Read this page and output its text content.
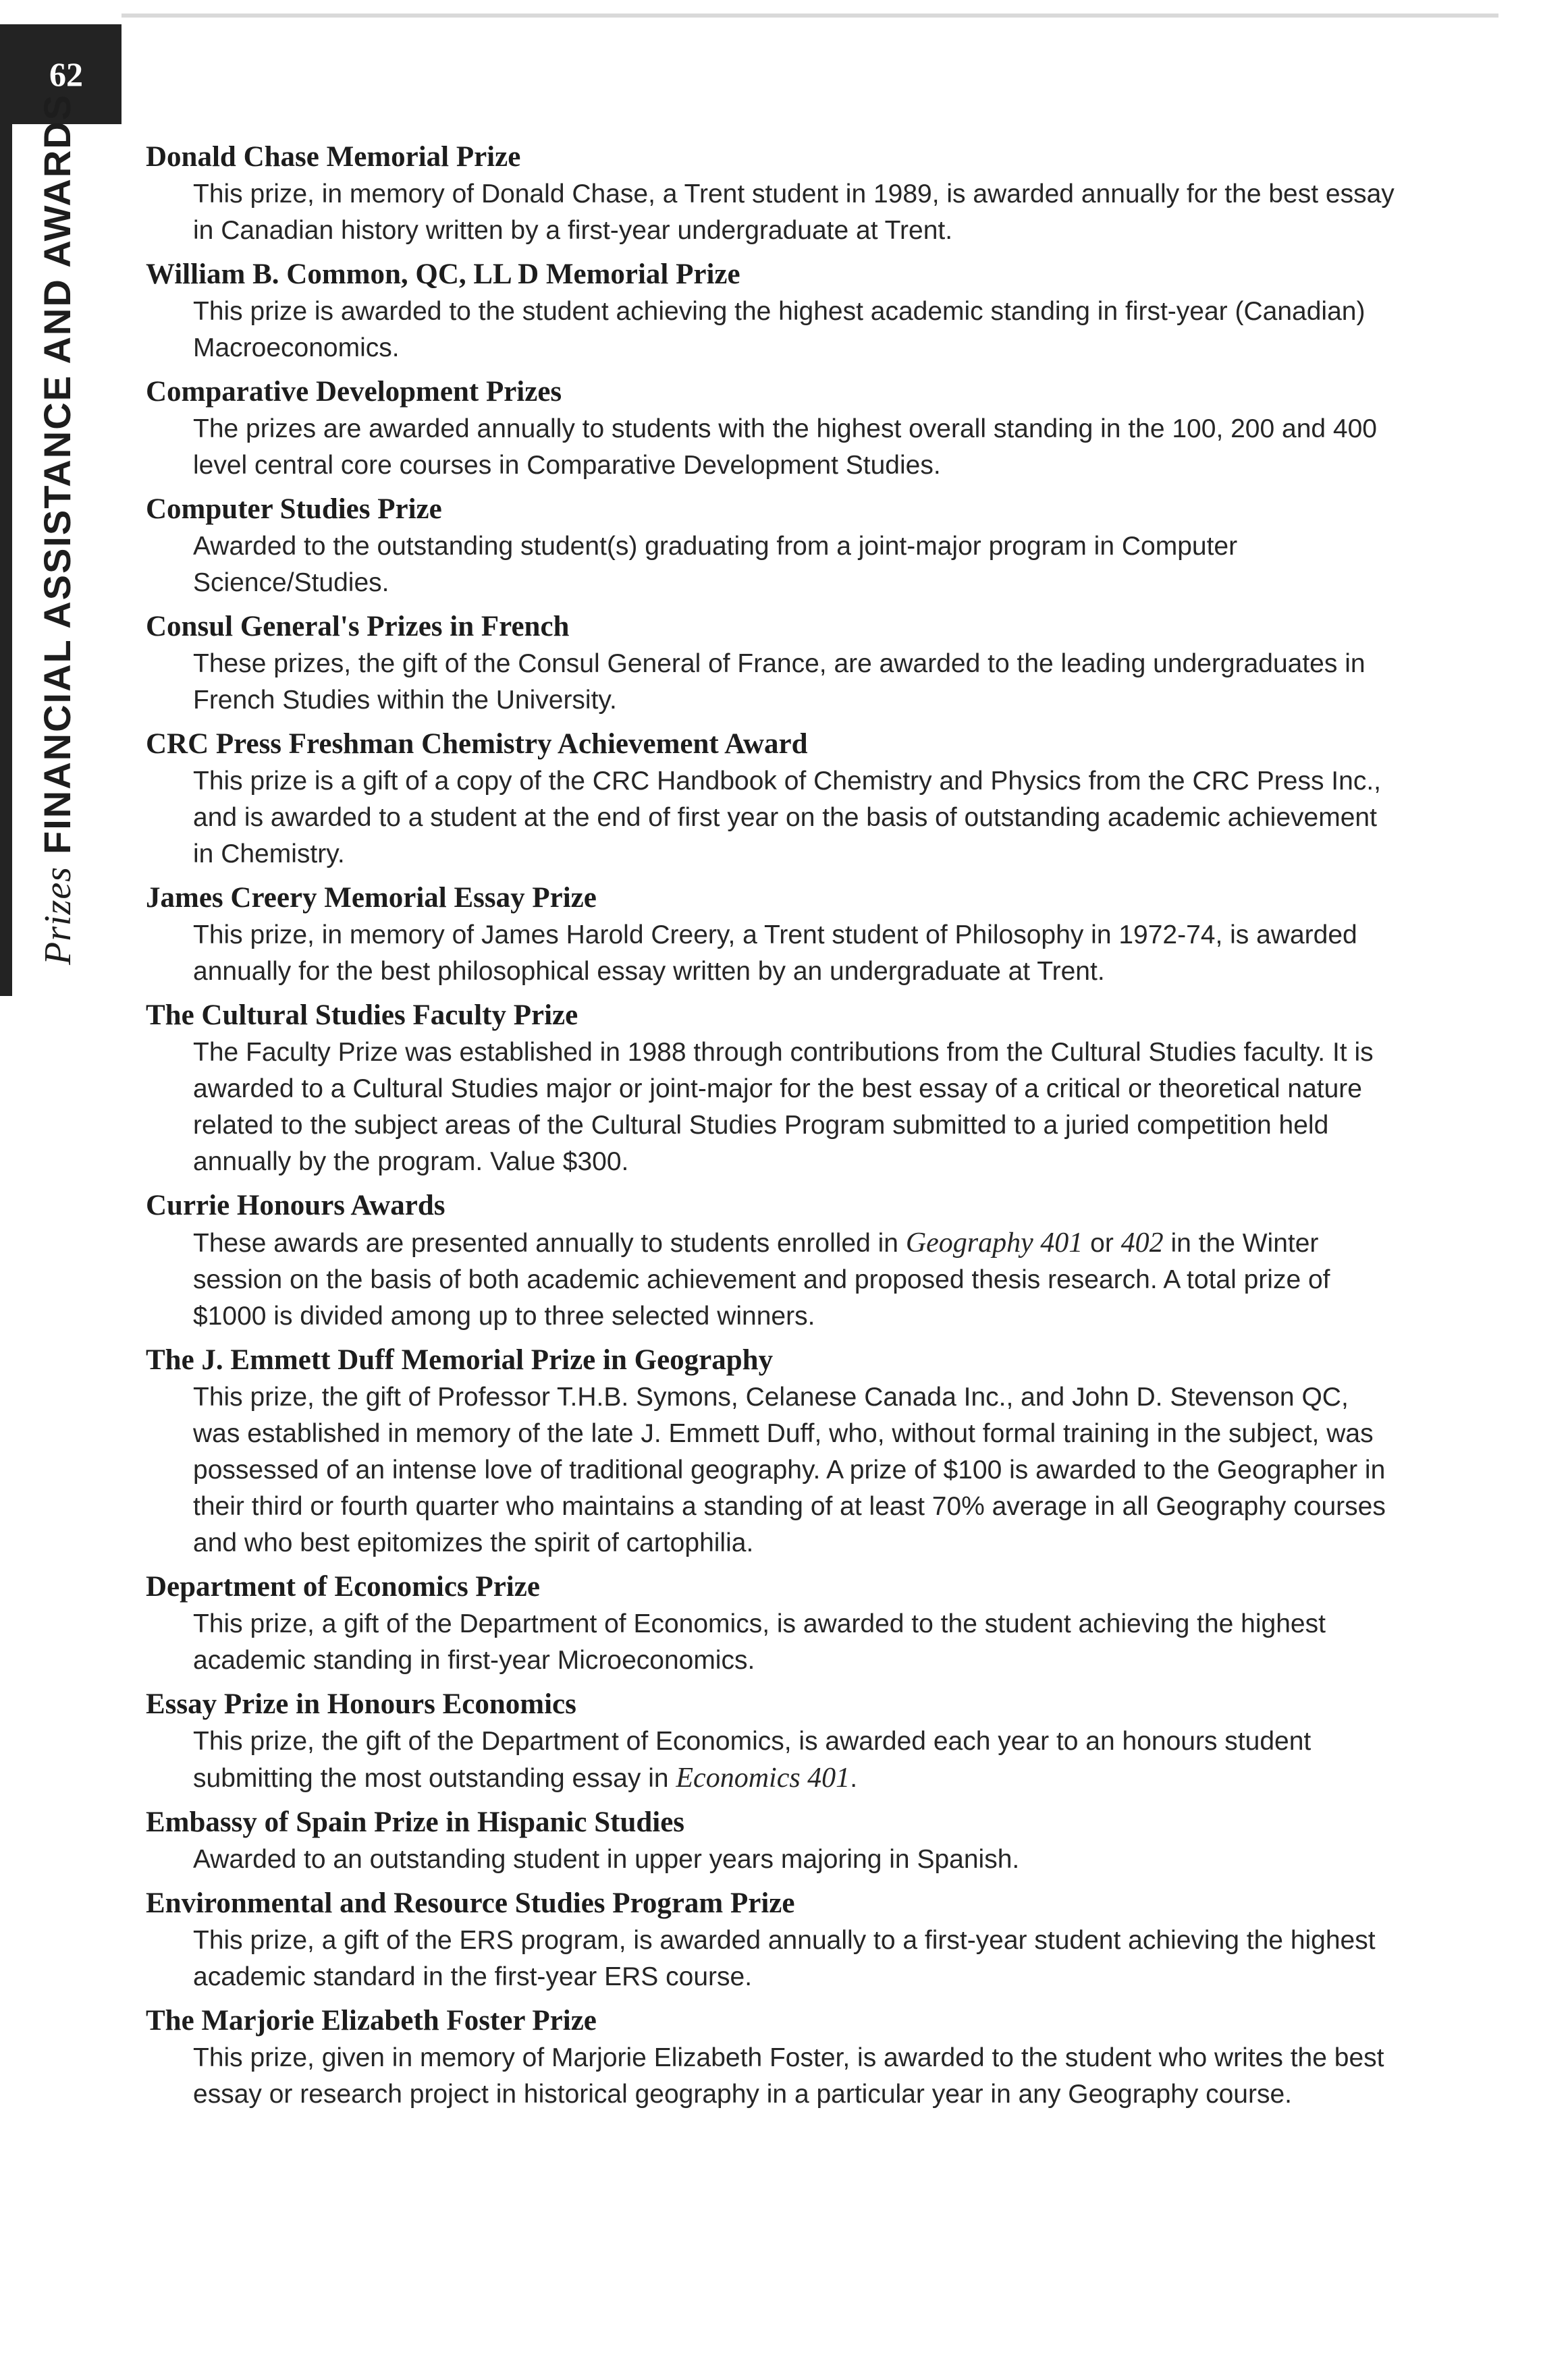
62
PrizesFINANCIAL ASSISTANCE AND AWARDS Donald Chase Memorial Prize

This prize, in memory of Donald Chase, a Trent student in 1989, is awarded annually for the best essay in Canadian history written by a first-year undergraduate at Trent.

William B. Common, QC, LL D Memorial Prize

This prize is awarded to the student achieving the highest academic standing in first-year (Canadian) Macroeconomics.

Comparative Development Prizes

The prizes are awarded annually to students with the highest overall standing in the 100, 200 and 400 level central core courses in Comparative Development Studies.

Computer Studies Prize

Awarded to the outstanding student(s) graduating from a joint-major program in Computer Science/Studies.

Consul General's Prizes in French

These prizes, the gift of the Consul General of France, are awarded to the leading undergraduates in French Studies within the University.

CRC Press Freshman Chemistry Achievement Award

This prize is a gift of a copy of the CRC Handbook of Chemistry and Physics from the CRC Press Inc., and is awarded to a student at the end of first year on the basis of outstanding academic achievement in Chemistry.

James Creery Memorial Essay Prize

This prize, in memory of James Harold Creery, a Trent student of Philosophy in 1972-74, is awarded annually for the best philosophical essay written by an undergraduate at Trent.

The Cultural Studies Faculty Prize

The Faculty Prize was established in 1988 through contributions from the Cultural Studies faculty. It is awarded to a Cultural Studies major or joint-major for the best essay of a critical or theoretical nature related to the subject areas of the Cultural Studies Program submitted to a juried competition held annually by the program. Value $300.

Currie Honours Awards

These awards are presented annually to students enrolled in Geography 401 or 402 in the Winter session on the basis of both academic achievement and proposed thesis research. A total prize of $1000 is divided among up to three selected winners.

The J. Emmett Duff Memorial Prize in Geography

This prize, the gift of Professor T.H.B. Symons, Celanese Canada Inc., and John D. Stevenson QC, was established in memory of the late J. Emmett Duff, who, without formal training in the subject, was possessed of an intense love of traditional geography. A prize of $100 is awarded to the Geographer in their third or fourth quarter who maintains a standing of at least 70% average in all Geography courses and who best epitomizes the spirit of cartophilia.

Department of Economics Prize

This prize, a gift of the Department of Economics, is awarded to the student achieving the highest academic standing in first-year Microeconomics.

Essay Prize in Honours Economics

This prize, the gift of the Department of Economics, is awarded each year to an honours student submitting the most outstanding essay in Economics 401.

Embassy of Spain Prize in Hispanic Studies

Awarded to an outstanding student in upper years majoring in Spanish.

Environmental and Resource Studies Program Prize

This prize, a gift of the ERS program, is awarded annually to a first-year student achieving the highest academic standard in the first-year ERS course.

The Marjorie Elizabeth Foster Prize

This prize, given in memory of Marjorie Elizabeth Foster, is awarded to the student who writes the best essay or research project in historical geography in a particular year in any Geography course.
